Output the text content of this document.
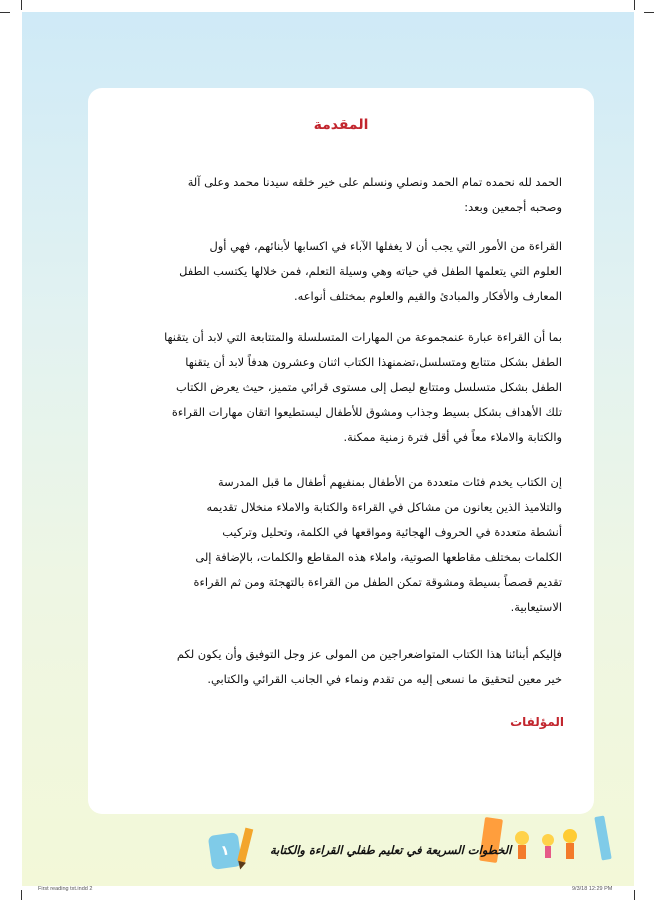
المقدمة
الحمد لله نحمده تمام الحمد ونصلي ونسلم على خير خلقه سيدنا محمد وعلى آلة
وصحبه أجمعين وبعد:
القراءة من الأمور التي يجب أن لا يغفلها الآباء في اكسابها لأبنائهم، فهي أول
العلوم التي يتعلمها الطفل في حياته وهي وسيلة التعلم، فمن خلالها يكتسب الطفل
المعارف والأفكار والمبادئ والقيم والعلوم بمختلف أنواعه.
بما أن القراءة عبارة عنمجموعة من المهارات المتسلسلة والمتتابعة التي لابد أن يتقنها
الطفل بشكل متتابع ومتسلسل،تضمنهذا الكتاب اثنان وعشرون هدفاً لابد أن يتقنها
الطفل بشكل متسلسل ومتتابع ليصل إلى مستوى قرائي متميز، حيث يعرض الكتاب
تلك الأهداف بشكل بسيط وجذاب ومشوق للأطفال ليستطيعوا اتقان مهارات القراءة
والكتابة والاملاء معاً في أقل فترة زمنية ممكنة.
إن الكتاب يخدم فئات متعددة من الأطفال بمنفيهم أطفال ما قبل المدرسة
والتلاميذ الذين يعانون من مشاكل في القراءة والكتابة والاملاء منخلال تقديمه
أنشطة متعددة في الحروف الهجائية ومواقعها في الكلمة، وتحليل وتركيب
الكلمات بمختلف مقاطعها الصوتية، واملاء هذه المقاطع والكلمات، بالإضافة إلى
تقديم قصصاً بسيطة ومشوقة تمكن الطفل من القراءة بالتهجئة ومن ثم القراءة
الاستيعابية.
فإليكم أبنائنا هذا الكتاب المتواضعراجين من المولى عز وجل التوفيق وأن يكون لكم
خير معين لتحقيق ما نسعى إليه من تقدم ونماء في الجانب القرائي والكتابي.
المؤلفات
الخطوات السريعة في تعليم طفلي القراءة والكتابة
١
First reading txt.indd 2	9/3/18 12:29 PM
